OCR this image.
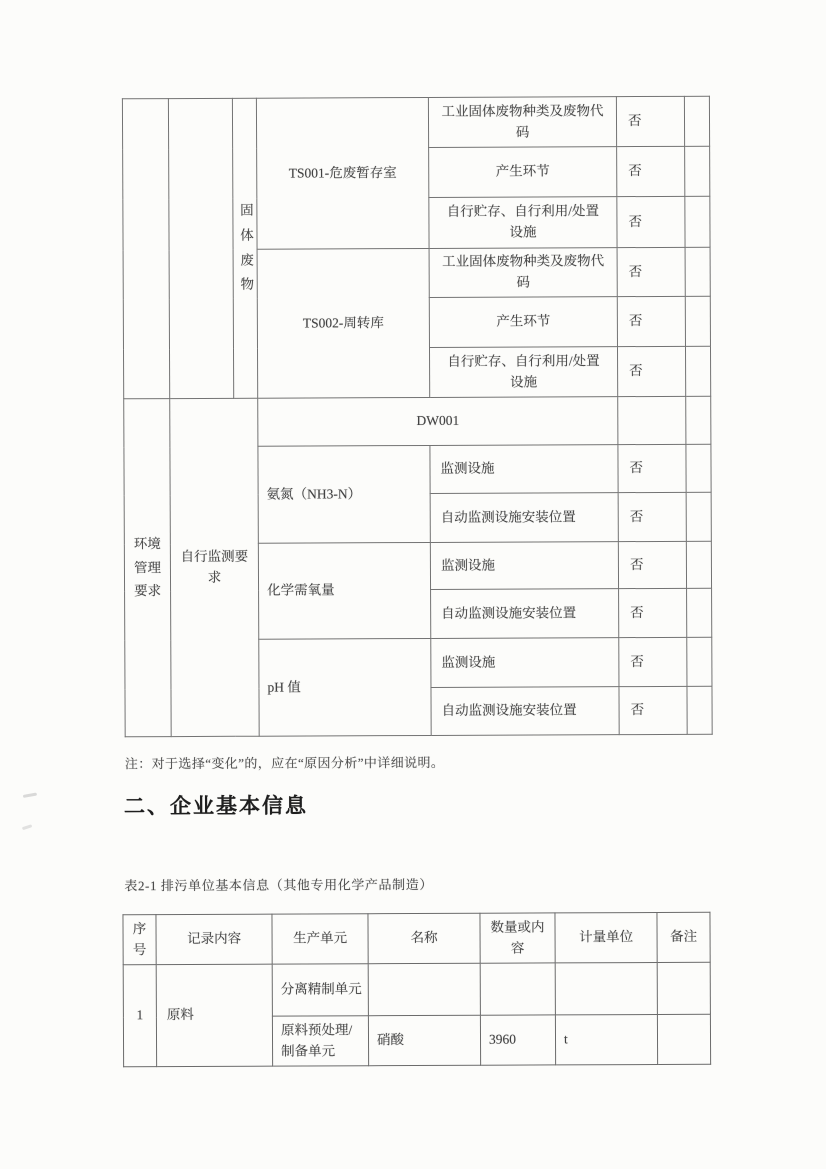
		固体废物	TS001-危废暂存室	工业固体废物种类及废物代码	否	
				产生环节	否	
				自行贮存、自行利用/处置设施	否	
			TS002-周转库	工业固体废物种类及废物代码	否	
				产生环节	否	
				自行贮存、自行利用/处置设施	否	
环境管理要求	自行监测要求		DW001			
			氨氮（NH3-N）	监测设施	否	
				自动监测设施安装位置	否	
			化学需氧量	监测设施	否	
				自动监测设施安装位置	否	
			pH 值	监测设施	否	
				自动监测设施安装位置	否	
注：对于选择“变化”的，应在“原因分析”中详细说明。
二、企业基本信息
表2-1 排污单位基本信息（其他专用化学产品制造）
序号	记录内容	生产单元	名称	数量或内容	计量单位	备注
1	原料	分离精制单元				
		原料预处理/制备单元	硝酸	3960	t	
